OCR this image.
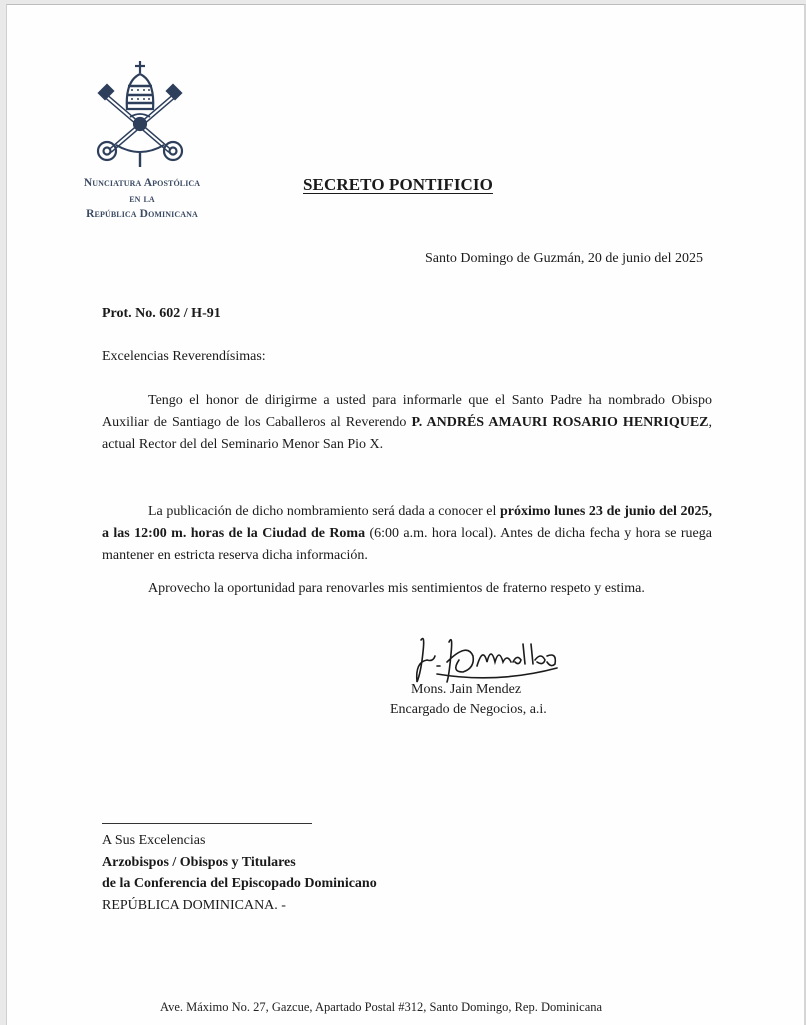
Nunciatura Apostólica
en la
República Dominicana
SECRETO PONTIFICIO
Santo Domingo de Guzmán, 20 de junio del 2025
Prot. No. 602 / H-91
Excelencias Reverendísimas:
Tengo el honor de dirigirme a usted para informarle que el Santo Padre ha nombrado Obispo Auxiliar de Santiago de los Caballeros al Reverendo P. ANDRÉS AMAURI ROSARIO HENRIQUEZ, actual Rector del del Seminario Menor San Pio X.
La publicación de dicho nombramiento será dada a conocer el próximo lunes 23 de junio del 2025, a las 12:00 m. horas de la Ciudad de Roma (6:00 a.m. hora local). Antes de dicha fecha y hora se ruega mantener en estricta reserva dicha información.
Aprovecho la oportunidad para renovarles mis sentimientos de fraterno respeto y estima.
Mons. Jain Mendez
Encargado de Negocios, a.i.
A Sus Excelencias
Arzobispos / Obispos y Titulares
de la Conferencia del Episcopado Dominicano
REPÚBLICA DOMINICANA. -
Ave. Máximo No. 27, Gazcue, Apartado Postal #312, Santo Domingo, Rep. Dominicana
